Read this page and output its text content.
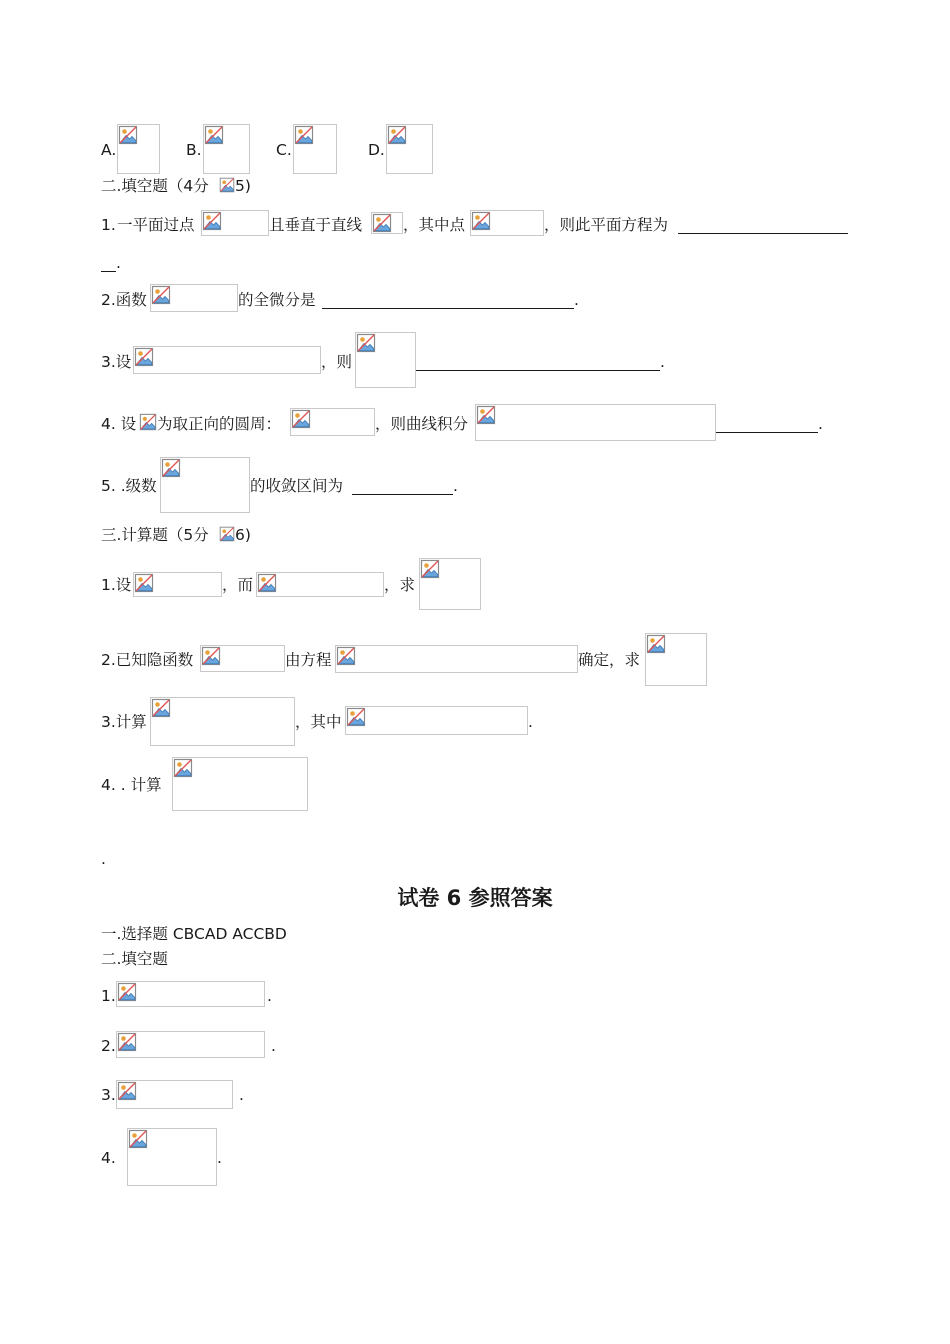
A.	B.	C.	D.
二.填空题（4分 5)
1. 一平面过点	且垂直于直线	，其中点	，则此平面方程为
.
2.函数	的全微分是	.
3.设	，则	.
4. 设 为取正向的圆周：	，则曲线积分	.
5. .级数	的收敛区间为	.
三.计算题（5分 6)
1.设	，而	，求
2.已知隐函数	由方程	确定，求
3.计算	，其中	.
4. . 计算
.
试卷 6 参照答案
一.选择题 CBCAD ACCBD
二.填空题
1.	.
2.	.
3.	.
4.	.
